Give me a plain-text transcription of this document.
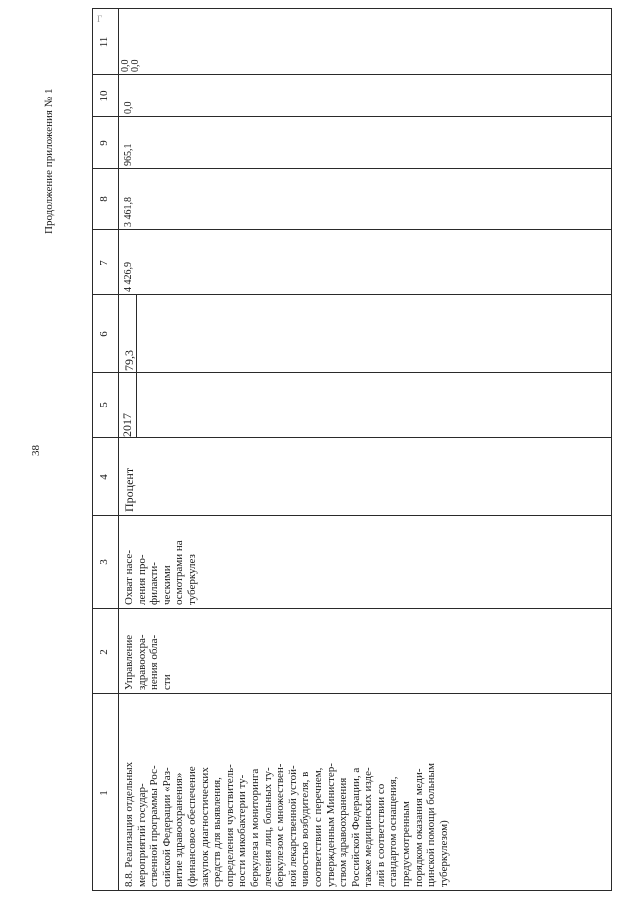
Г
38
Продолжение приложения № 1
1
2
3
4
5
6
7
8
9
10
11
8.8. Реализация отдельных
мероприятий государ-
ственной программы Рос-
сийской Федерации «Раз-
витие здравоохранения»
(финансовое обеспечение
закупок диагностических
средств для выявления,
определения чувствитель-
ности микобактерии ту-
беркулеза и мониторинга
лечения лиц, больных ту-
беркулезом с множествен-
ной лекарственной устой-
чивостью возбудителя, в
соответствии с перечнем,
утвержденным Министер-
ством здравоохранения
Российской Федерации, а
также медицинских изде-
лий в соответствии со
стандартом оснащения,
предусмотренным
порядком оказания меди-
цинской помощи больным
туберкулезом)
Управление
здравоохра-
нения обла-
сти
Охват насе-
ления про-
филакти-
ческими
осмотрами на
туберкулез
Процент
2017
79,3
4 426,9
3 461,8
965,1
0,0
0,0
0,0
